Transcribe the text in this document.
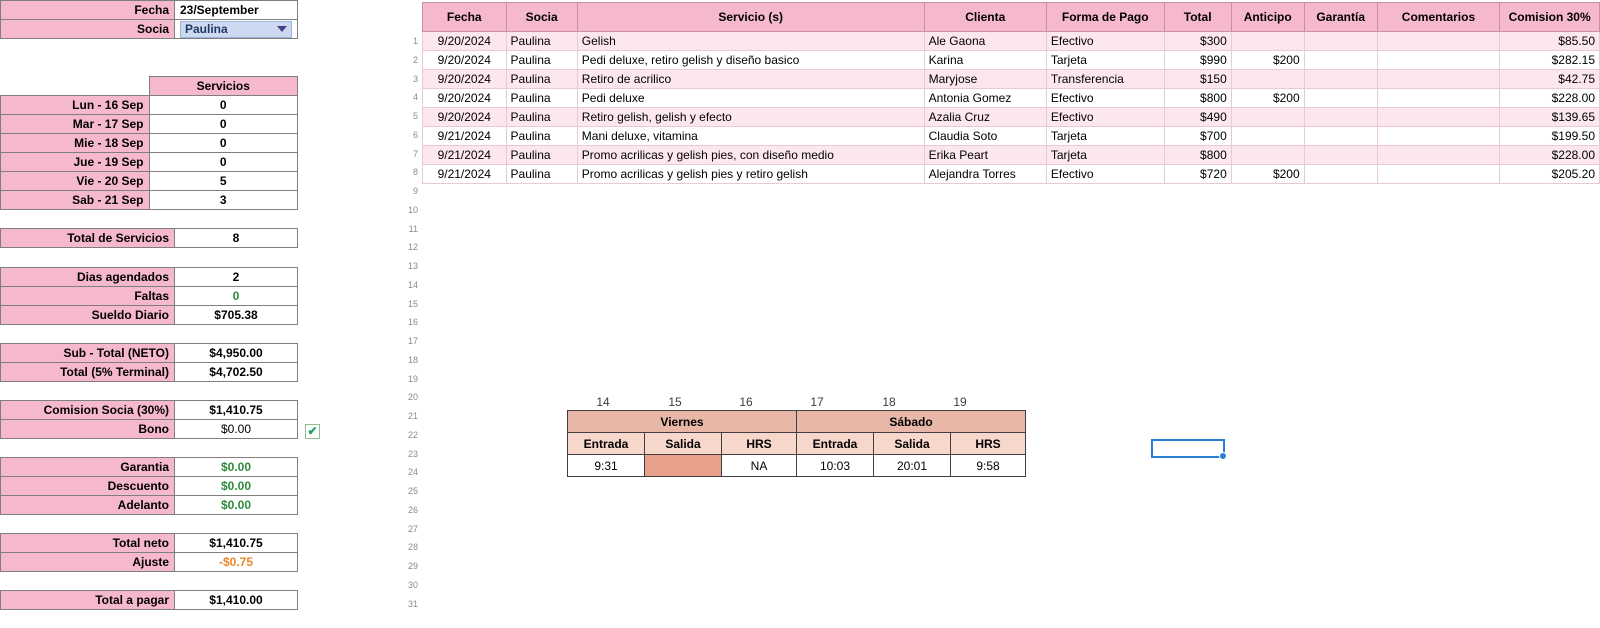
Fecha	23/September
Socia	Paulina
	Servicios
Lun - 16 Sep	0
Mar - 17 Sep	0
Mie - 18 Sep	0
Jue - 19 Sep	0
Vie - 20 Sep	5
Sab - 21 Sep	3
Total de Servicios	8
Dias agendados	2
Faltas	0
Sueldo Diario	$705.38
Sub - Total (NETO)	$4,950.00
Total (5% Terminal)	$4,702.50
Comision Socia (30%)	$1,410.75
Bono	$0.00
Garantia	$0.00
Descuento	$0.00
Adelanto	$0.00
Total neto	$1,410.75
Ajuste	-$0.75
Total a pagar	$1,410.00
✔
1
2
3
4
5
6
7
8
9
10
11
12
13
14
15
16
17
18
19
20
21
22
23
24
25
26
27
28
29
30
31
Fecha	Socia	Servicio (s)	Clienta	Forma de Pago	Total	Anticipo	Garantía	Comentarios	Comision 30%
9/20/2024	Paulina	Gelish	Ale Gaona	Efectivo	$300				$85.50
9/20/2024	Paulina	Pedi deluxe, retiro gelish y diseño basico	Karina	Tarjeta	$990	$200			$282.15
9/20/2024	Paulina	Retiro de acrilico	Maryjose	Transferencia	$150				$42.75
9/20/2024	Paulina	Pedi deluxe	Antonia Gomez	Efectivo	$800	$200			$228.00
9/20/2024	Paulina	Retiro gelish, gelish y efecto	Azalia Cruz	Efectivo	$490				$139.65
9/21/2024	Paulina	Mani deluxe, vitamina	Claudia Soto	Tarjeta	$700				$199.50
9/21/2024	Paulina	Promo acrilicas y gelish pies, con diseño medio	Erika Peart	Tarjeta	$800				$228.00
9/21/2024	Paulina	Promo acrilicas y gelish pies y retiro gelish	Alejandra Torres	Efectivo	$720	$200			$205.20
14	15	16	17	18	19
Viernes			Sábado		
Entrada	Salida	HRS	Entrada	Salida	HRS
9:31		NA	10:03	20:01	9:58
